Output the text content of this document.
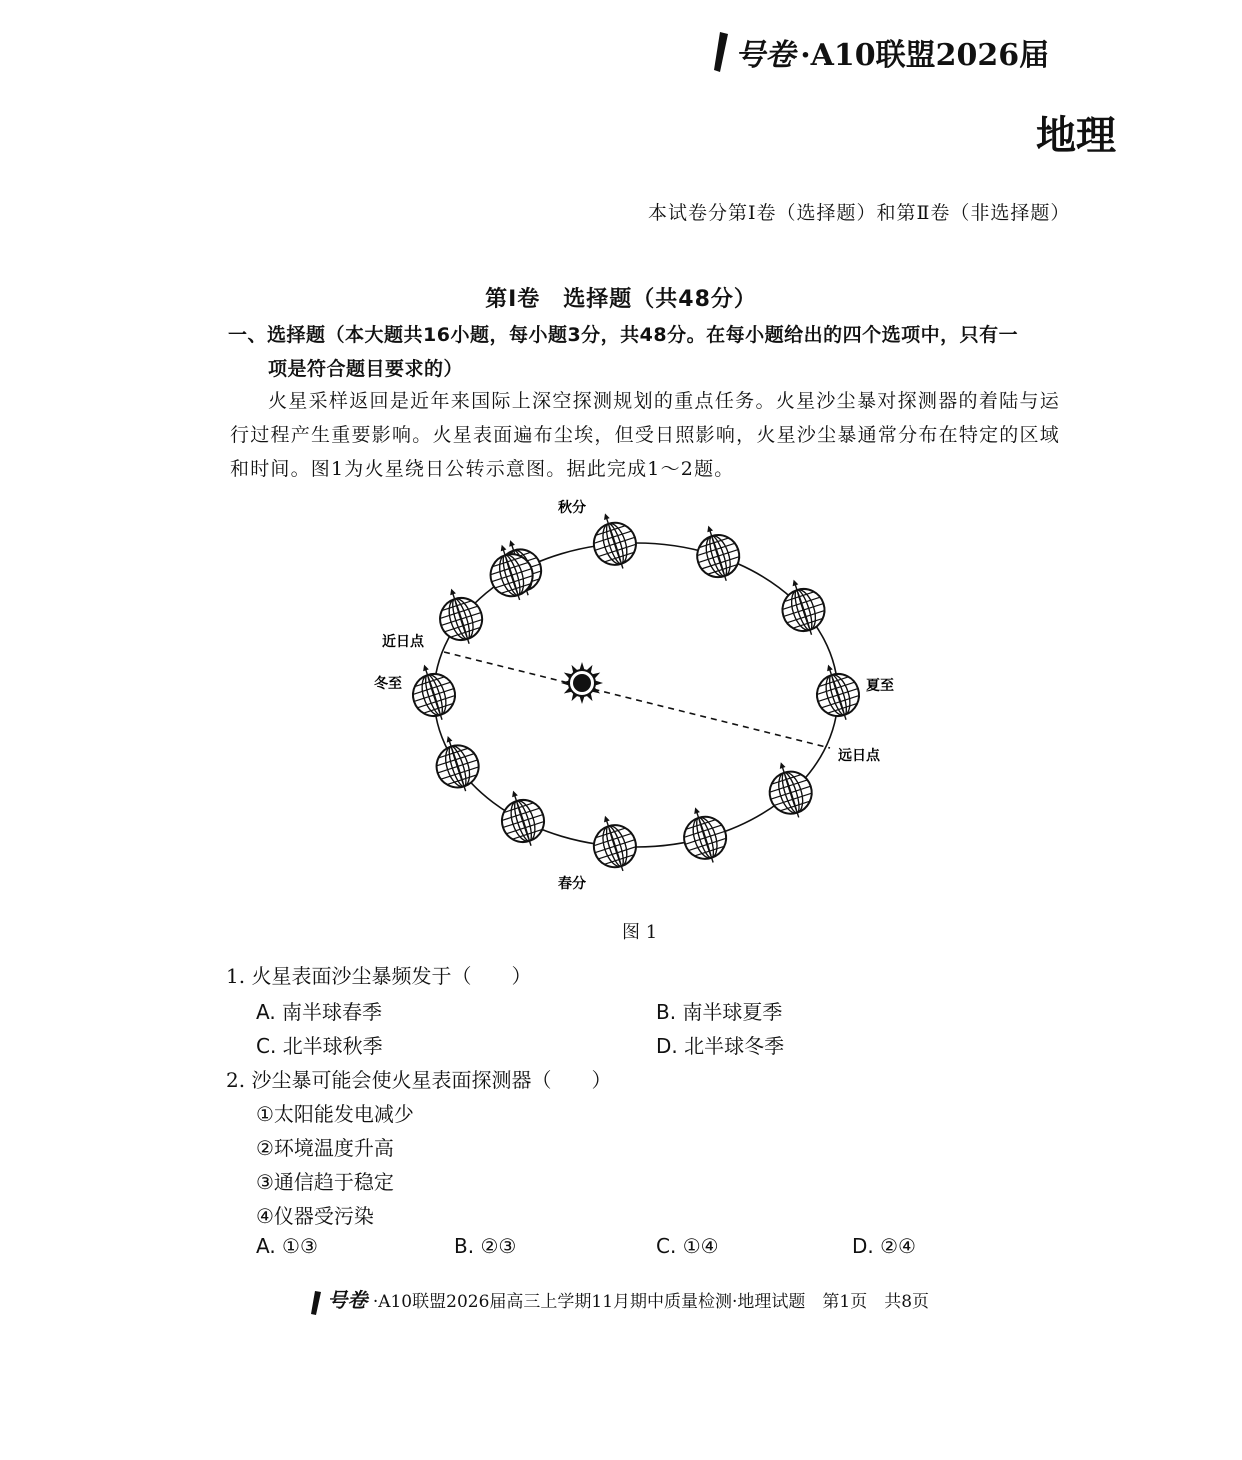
号卷 ·A10联盟2026届
地理
本试卷分第Ⅰ卷（选择题）和第Ⅱ卷（非选择题）
第Ⅰ卷　选择题（共48分）
一、选择题（本大题共16小题，每小题3分，共48分。在每小题给出的四个选项中，只有一
项是符合题目要求的）
火星采样返回是近年来国际上深空探测规划的重点任务。火星沙尘暴对探测器的着陆与运行过程产生重要影响。火星表面遍布尘埃，但受日照影响，火星沙尘暴通常分布在特定的区域和时间。图1为火星绕日公转示意图。据此完成1～2题。
秋分
近日点
冬至	夏至
远日点
春分
图 1
1. 火星表面沙尘暴频发于（　　）
A. 南半球春季	B. 南半球夏季
C. 北半球秋季	D. 北半球冬季
2. 沙尘暴可能会使火星表面探测器（　　）
①太阳能发电减少
②环境温度升高
③通信趋于稳定
④仪器受污染
A. ①③	B. ②③	C. ①④	D. ②④
号卷 ·A10联盟2026届高三上学期11月期中质量检测·地理试题　第1页　共8页
